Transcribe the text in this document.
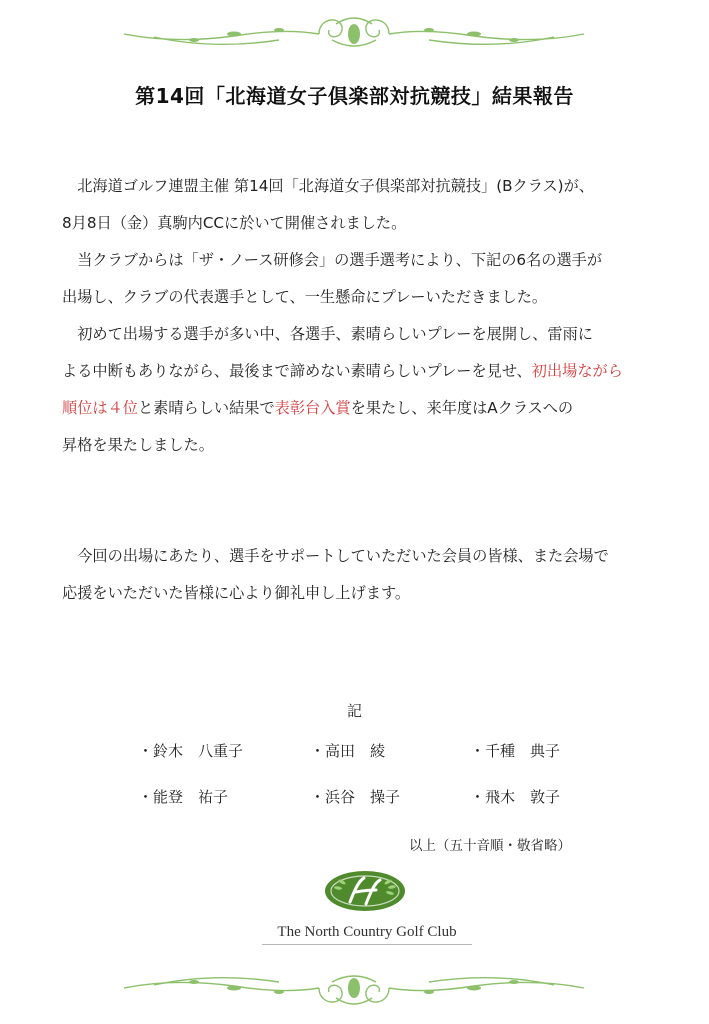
第14回「北海道女子倶楽部対抗競技」結果報告
　北海道ゴルフ連盟主催 第14回「北海道女子倶楽部対抗競技」(Bクラス)が、
8月8日（金）真駒内CCに於いて開催されました。
　当クラブからは「ザ・ノース研修会」の選手選考により、下記の6名の選手が
出場し、クラブの代表選手として、一生懸命にプレーいただきました。
　初めて出場する選手が多い中、各選手、素晴らしいプレーを展開し、雷雨に
よる中断もありながら、最後まで諦めない素晴らしいプレーを見せ、初出場ながら
順位は４位と素晴らしい結果で表彰台入賞を果たし、来年度はAクラスへの
昇格を果たしました。
　今回の出場にあたり、選手をサポートしていただいた会員の皆様、また会場で
応援をいただいた皆様に心より御礼申し上げます。
記
・鈴木　八重子	・高田　綾	・千種　典子
・能登　祐子	・浜谷　操子	・飛木　敦子
以上（五十音順・敬省略）
The North Country Golf Club
